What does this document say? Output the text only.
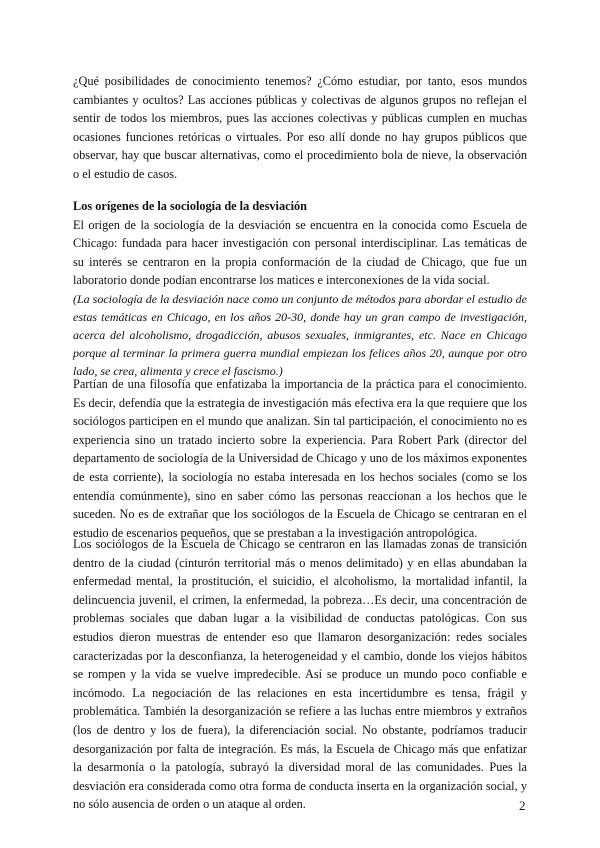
¿Qué posibilidades de conocimiento tenemos? ¿Cómo estudiar, por tanto, esos mundos cambiantes y ocultos? Las acciones públicas y colectivas de algunos grupos no reflejan el sentir de todos los miembros, pues las acciones colectivas y públicas cumplen en muchas ocasiones funciones retóricas o virtuales. Por eso allí donde no hay grupos públicos que observar, hay que buscar alternativas, como el procedimiento bola de nieve, la observación o el estudio de casos.

Los orígenes de la sociología de la desviación

El origen de la sociología de la desviación se encuentra en la conocida como Escuela de Chicago: fundada para hacer investigación con personal interdisciplinar. Las temáticas de su interés se centraron en la propia conformación de la ciudad de Chicago, que fue un laboratorio donde podían encontrarse los matices e interconexiones de la vida social.

(La sociología de la desviación nace como un conjunto de métodos para abordar el estudio de estas temáticas en Chicago, en los años 20-30, donde hay un gran campo de investigación, acerca del alcoholismo, drogadicción, abusos sexuales, inmigrantes, etc. Nace en Chicago porque al terminar la primera guerra mundial empiezan los felices años 20, aunque por otro lado, se crea, alimenta y crece el fascismo.)

Partían de una filosofía que enfatizaba la importancia de la práctica para el conocimiento. Es decir, defendía que la estrategia de investigación más efectiva era la que requiere que los sociólogos participen en el mundo que analizan. Sin tal participación, el conocimiento no es experiencia sino un tratado incierto sobre la experiencia. Para Robert Park (director del departamento de sociología de la Universidad de Chicago y uno de los máximos exponentes de esta corriente), la sociología no estaba interesada en los hechos sociales (como se los entendía comúnmente), sino en saber cómo las personas reaccionan a los hechos que le suceden. No es de extrañar que los sociólogos de la Escuela de Chicago se centraran en el estudio de escenarios pequeños, que se prestaban a la investigación antropológica.

Los sociólogos de la Escuela de Chicago se centraron en las llamadas zonas de transición dentro de la ciudad (cinturón territorial más o menos delimitado) y en ellas abundaban la enfermedad mental, la prostitución, el suicidio, el alcoholismo, la mortalidad infantil, la delincuencia juvenil, el crimen, la enfermedad, la pobreza…Es decir, una concentración de problemas sociales que daban lugar a la visibilidad de conductas patológicas. Con sus estudios dieron muestras de entender eso que llamaron desorganización: redes sociales caracterizadas por la desconfianza, la heterogeneidad y el cambio, donde los viejos hábitos se rompen y la vida se vuelve impredecible. Así se produce un mundo poco confiable e incómodo. La negociación de las relaciones en esta incertidumbre es tensa, frágil y problemática. También la desorganización se refiere a las luchas entre miembros y extraños (los de dentro y los de fuera), la diferenciación social. No obstante, podríamos traducir desorganización por falta de integración. Es más, la Escuela de Chicago más que enfatizar la desarmonía o la patología, subrayó la diversidad moral de las comunidades. Pues la desviación era considerada como otra forma de conducta inserta en la organización social, y no sólo ausencia de orden o un ataque al orden.	2
